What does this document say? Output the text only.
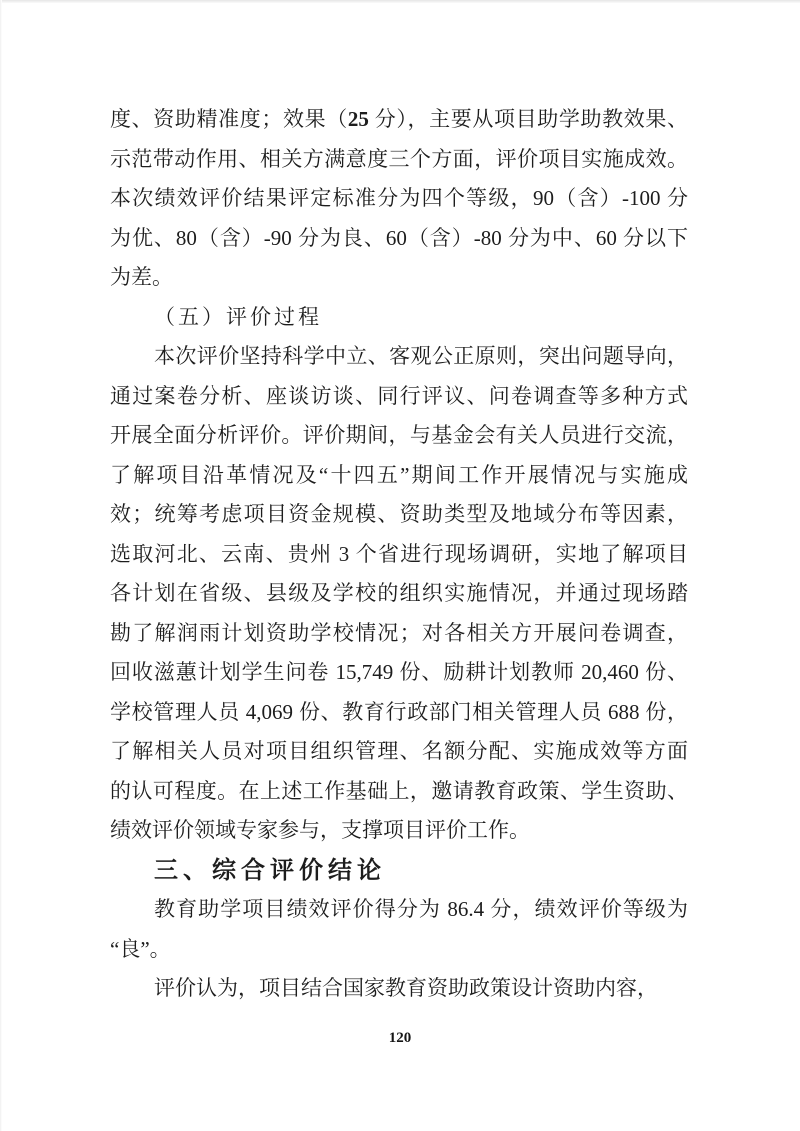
度、资助精准度；效果（25 分），主要从项目助学助教效果、
示范带动作用、相关方满意度三个方面，评价项目实施成效。
本次绩效评价结果评定标准分为四个等级，90（含）-100 分
为优、80（含）-90 分为良、60（含）-80 分为中、60 分以下
为差。
（五）评价过程
本次评价坚持科学中立、客观公正原则，突出问题导向，
通过案卷分析、座谈访谈、同行评议、问卷调查等多种方式
开展全面分析评价。评价期间，与基金会有关人员进行交流，
了解项目沿革情况及“十四五”期间工作开展情况与实施成
效；统筹考虑项目资金规模、资助类型及地域分布等因素，
选取河北、云南、贵州 3 个省进行现场调研，实地了解项目
各计划在省级、县级及学校的组织实施情况，并通过现场踏
勘了解润雨计划资助学校情况；对各相关方开展问卷调查，
回收滋蕙计划学生问卷 15,749 份、励耕计划教师 20,460 份、
学校管理人员 4,069 份、教育行政部门相关管理人员 688 份，
了解相关人员对项目组织管理、名额分配、实施成效等方面
的认可程度。在上述工作基础上，邀请教育政策、学生资助、
绩效评价领域专家参与，支撑项目评价工作。
三、综合评价结论
教育助学项目绩效评价得分为 86.4 分，绩效评价等级为
“良”。
评价认为，项目结合国家教育资助政策设计资助内容，
120
